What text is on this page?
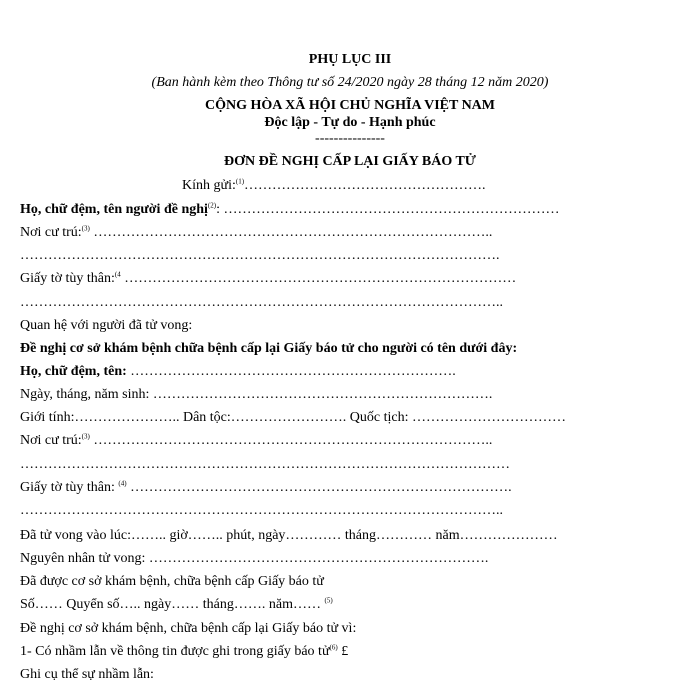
PHỤ LỤC III
(Ban hành kèm theo Thông tư số 24/2020 ngày 28 tháng 12 năm 2020)
CỘNG HÒA XÃ HỘI CHỦ NGHĨA VIỆT NAM
Độc lập - Tự do - Hạnh phúc
---------------
ĐƠN ĐỀ NGHỊ CẤP LẠI GIẤY BÁO TỬ
Kính gửi:$^{(1)}$…………………………………………….
Họ, chữ đệm, tên người đề nghị$^{(2)}$: ………………………………………………………………
Nơi cư trú:$^{(3)}$ …………………………………………………………………………..
………………………………………………………………………………………….
Giấy tờ tùy thân:$^{(4}$ …………………………………………………………………………
…………………………………………………………………………………………..
Quan hệ với người đã tử vong:
Đề nghị cơ sở khám bệnh chữa bệnh cấp lại Giấy báo tử cho người có tên dưới đây:
Họ, chữ đệm, tên: …………………………………………………………….
Ngày, tháng, năm sinh: ……………………………………………………………….
Giới tính:………………….. Dân tộc:……………………. Quốc tịch: ……………………………
Nơi cư trú:$^{(3)}$ …………………………………………………………………………..
……………………………………………………………………………………………
Giấy tờ tùy thân: $^{(4)}$ ……………………………………………………………………….
…………………………………………………………………………………………..
Đã tử vong vào lúc:…….. giờ…….. phút, ngày………… tháng………… năm…………………
Nguyên nhân tử vong: ……………………………………………………………….
Đã được cơ sở khám bệnh, chữa bệnh cấp Giấy báo tử
Số…… Quyển số….. ngày…… tháng……. năm…… $^{(5)}$
Đề nghị cơ sở khám bệnh, chữa bệnh cấp lại Giấy báo tử vì:
1- Có nhầm lẫn về thông tin được ghi trong giấy báo tử$^{(6)}$ £
Ghi cụ thể sự nhầm lẫn:
